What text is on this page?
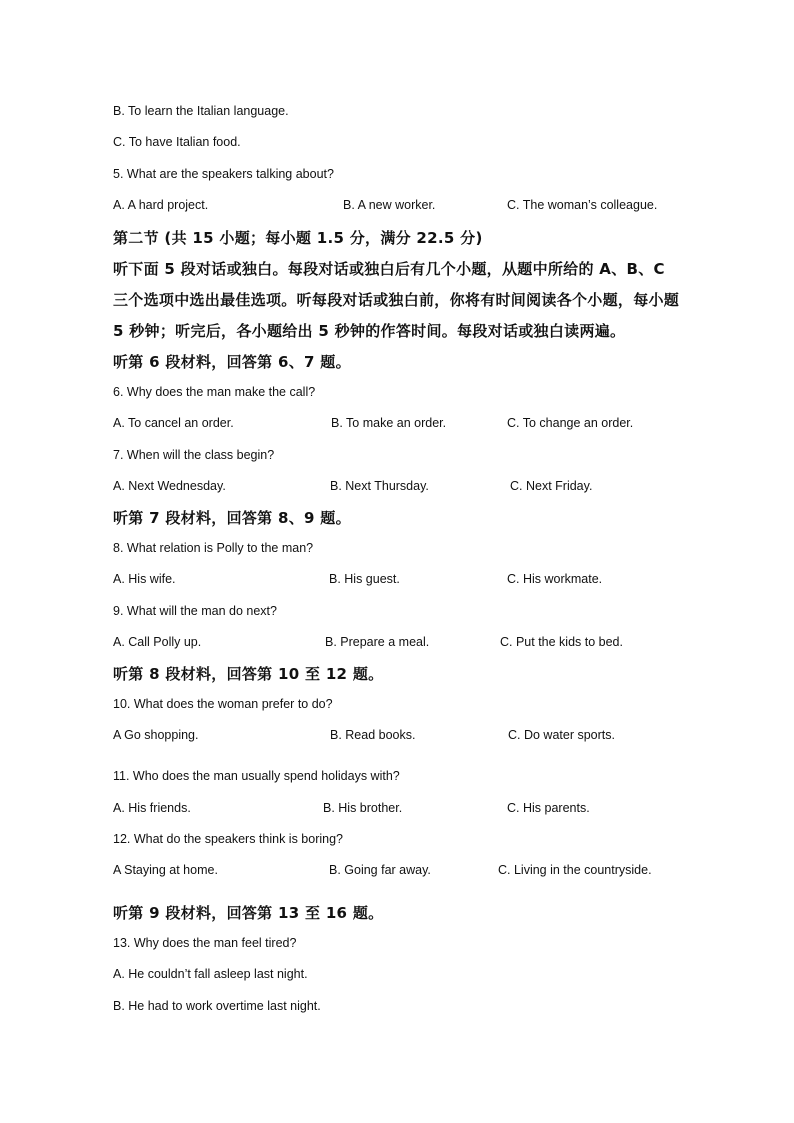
B. To learn the Italian language.
C. To have Italian food.
5. What are the speakers talking about?
A. A hard project.	B. A new worker.	C. The woman’s colleague.
第二节 (共 15 小题；每小题 1.5 分，满分 22.5 分)
听下面 5 段对话或独白。每段对话或独白后有几个小题，从题中所给的 A、B、C
三个选项中选出最佳选项。听每段对话或独白前，你将有时间阅读各个小题，每小题
5 秒钟；听完后，各小题给出 5 秒钟的作答时间。每段对话或独白读两遍。
听第 6 段材料，回答第 6、7 题。
6. Why does the man make the call?
A. To cancel an order.	B. To make an order.	C. To change an order.
7. When will the class begin?
A. Next Wednesday.	B. Next Thursday.	C. Next Friday.
听第 7 段材料，回答第 8、9 题。
8. What relation is Polly to the man?
A. His wife.	B. His guest.	C. His workmate.
9. What will the man do next?
A. Call Polly up.	B. Prepare a meal.	C. Put the kids to bed.
听第 8 段材料，回答第 10 至 12 题。
10. What does the woman prefer to do?
A Go shopping.	B. Read books.	C. Do water sports.
11. Who does the man usually spend holidays with?
A. His friends.	B. His brother.	C. His parents.
12. What do the speakers think is boring?
A Staying at home.	B. Going far away.	C. Living in the countryside.
听第 9 段材料，回答第 13 至 16 题。
13. Why does the man feel tired?
A. He couldn’t fall asleep last night.
B. He had to work overtime last night.
